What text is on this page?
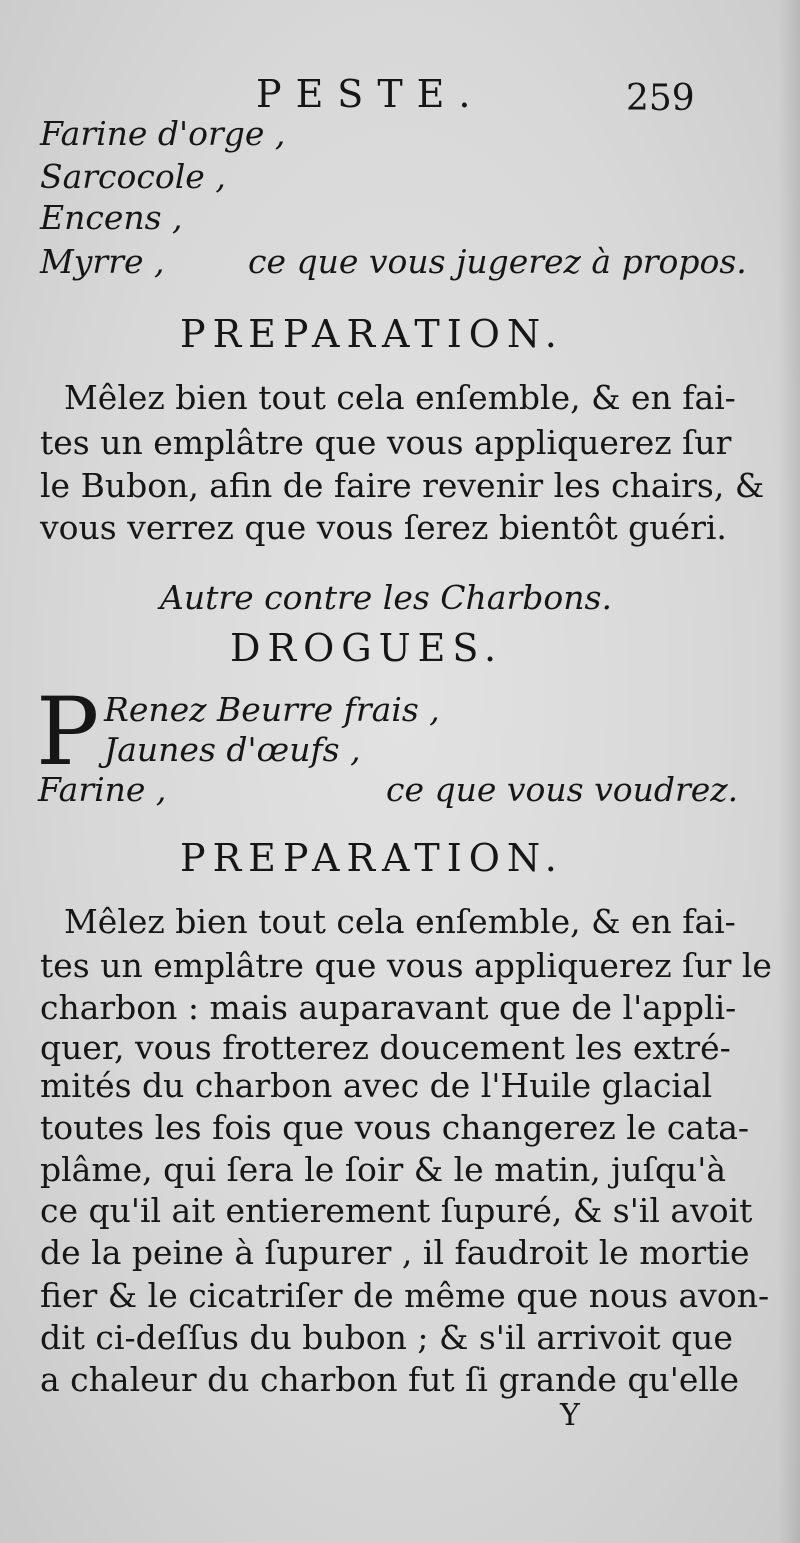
PESTE.	259
Farine d'orge ,
Sarcocole ,
Encens ,
Myrre ,	ce que vous jugerez à propos.
PREPARATION.
Mêlez bien tout cela enſemble, & en fai-
tes un emplâtre que vous appliquerez ſur
le Bubon, afin de faire revenir les chairs, &
vous verrez que vous ſerez bientôt guéri.
Autre contre les Charbons.
DROGUES.
P Renez Beurre frais ,
Jaunes d'œufs ,
Farine ,	ce que vous voudrez.
PREPARATION.
Mêlez bien tout cela enſemble, & en fai-
tes un emplâtre que vous appliquerez ſur le
charbon : mais auparavant que de l'appli-
quer, vous frotterez doucement les extré-
mités du charbon avec de l'Huile glacial
toutes les fois que vous changerez le cata-
plâme, qui ſera le ſoir & le matin, juſqu'à
ce qu'il ait entierement ſupuré, & s'il avoit
de la peine à ſupurer , il faudroit le mortie
fier & le cicatriſer de même que nous avon-
dit ci-deſſus du bubon ; & s'il arrivoit que
a chaleur du charbon fut ſi grande qu'elle
Y
